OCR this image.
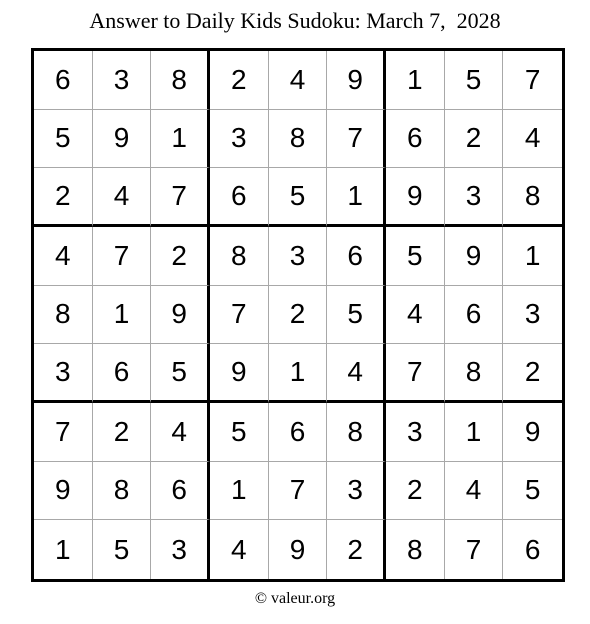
Answer to Daily Kids Sudoku: March 7,  2028
6	3	8	2	4	9	1	5	7
5	9	1	3	8	7	6	2	4
2	4	7	6	5	1	9	3	8
4	7	2	8	3	6	5	9	1
8	1	9	7	2	5	4	6	3
3	6	5	9	1	4	7	8	2
7	2	4	5	6	8	3	1	9
9	8	6	1	7	3	2	4	5
1	5	3	4	9	2	8	7	6
© valeur.org
